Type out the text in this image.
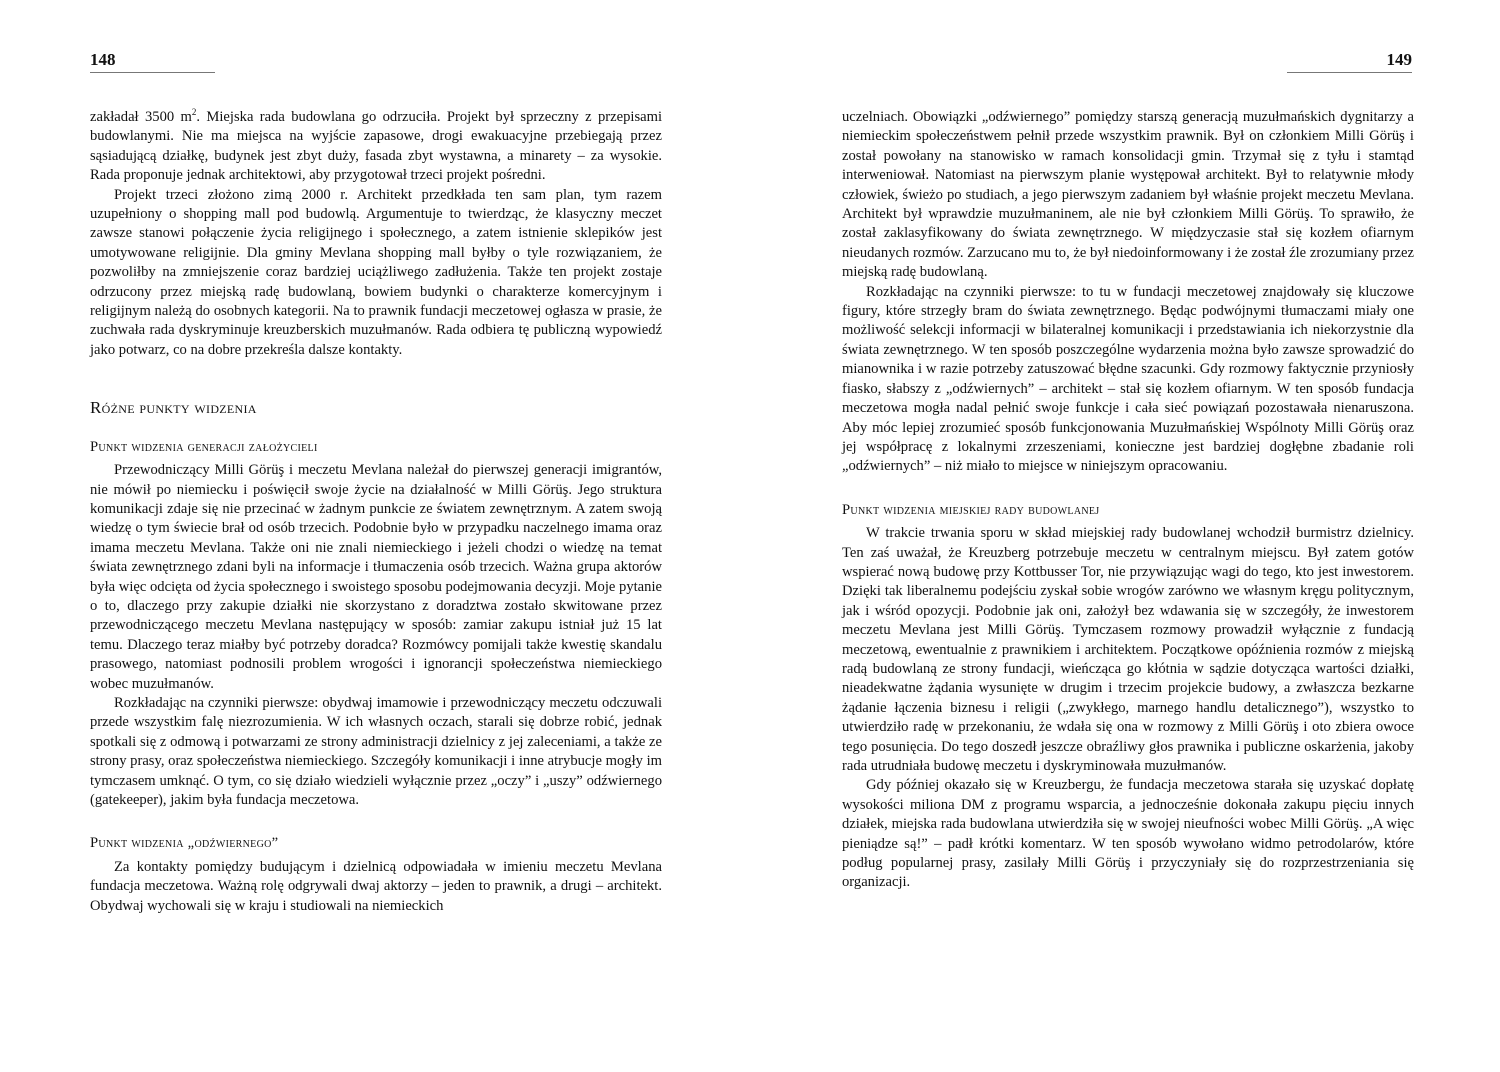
148

zakładał 3500 $m^2$. Miejska rada budowlana go odrzuciła. Projekt był sprzeczny z przepisami budowlanymi. Nie ma miejsca na wyjście zapasowe, drogi ewakuacyjne przebiegają przez sąsiadującą działkę, budynek jest zbyt duży, fasada zbyt wystawna, a minarety – za wysokie. Rada proponuje jednak architektowi, aby przygotował trzeci projekt pośredni.

Projekt trzeci złożono zimą 2000 r. Architekt przedkłada ten sam plan, tym razem uzupełniony o shopping mall pod budowlą. Argumentuje to twierdząc, że klasyczny meczet zawsze stanowi połączenie życia religijnego i społecznego, a zatem istnienie sklepików jest umotywowane religijnie. Dla gminy Mevlana shopping mall byłby o tyle rozwiązaniem, że pozwoliłby na zmniejszenie coraz bardziej uciążliwego zadłużenia. Także ten projekt zostaje odrzucony przez miejską radę budowlaną, bowiem budynki o charakterze komercyjnym i religijnym należą do osobnych kategorii. Na to prawnik fundacji meczetowej ogłasza w prasie, że zuchwała rada dyskryminuje kreuzberskich muzułmanów. Rada odbiera tę publiczną wypowiedź jako potwarz, co na dobre przekreśla dalsze kontakty.

Różne punkty widzenia
Punkt widzenia generacji założycieli

Przewodniczący Milli Görüş i meczetu Mevlana należał do pierwszej generacji imigrantów, nie mówił po niemiecku i poświęcił swoje życie na działalność w Milli Görüş. Jego struktura komunikacji zdaje się nie przecinać w żadnym punkcie ze światem zewnętrznym. A zatem swoją wiedzę o tym świecie brał od osób trzecich. Podobnie było w przypadku naczelnego imama oraz imama meczetu Mevlana. Także oni nie znali niemieckiego i jeżeli chodzi o wiedzę na temat świata zewnętrznego zdani byli na informacje i tłumaczenia osób trzecich. Ważna grupa aktorów była więc odcięta od życia społecznego i swoistego sposobu podejmowania decyzji. Moje pytanie o to, dlaczego przy zakupie działki nie skorzystano z doradztwa zostało skwitowane przez przewodniczącego meczetu Mevlana następujący w sposób: zamiar zakupu istniał już 15 lat temu. Dlaczego teraz miałby być potrzeby doradca? Rozmówcy pomijali także kwestię skandalu prasowego, natomiast podnosili problem wrogości i ignorancji społeczeństwa niemieckiego wobec muzułmanów.

Rozkładając na czynniki pierwsze: obydwaj imamowie i przewodniczący meczetu odczuwali przede wszystkim falę niezrozumienia. W ich własnych oczach, starali się dobrze robić, jednak spotkali się z odmową i potwarzami ze strony administracji dzielnicy z jej zaleceniami, a także ze strony prasy, oraz społeczeństwa niemieckiego. Szczegóły komunikacji i inne atrybucje mogły im tymczasem umknąć. O tym, co się działo wiedzieli wyłącznie przez „oczy” i „uszy” odźwiernego (gatekeeper), jakim była fundacja meczetowa.

Punkt widzenia „odźwiernego”

Za kontakty pomiędzy budującym i dzielnicą odpowiadała w imieniu meczetu Mevlana fundacja meczetowa. Ważną rolę odgrywali dwaj aktorzy – jeden to prawnik, a drugi – architekt. Obydwaj wychowali się w kraju i studiowali na niemieckich

149

uczelniach. Obowiązki „odźwiernego” pomiędzy starszą generacją muzułmańskich dygnitarzy a niemieckim społeczeństwem pełnił przede wszystkim prawnik. Był on członkiem Milli Görüş i został powołany na stanowisko w ramach konsolidacji gmin. Trzymał się z tyłu i stamtąd interweniował. Natomiast na pierwszym planie występował architekt. Był to relatywnie młody człowiek, świeżo po studiach, a jego pierwszym zadaniem był właśnie projekt meczetu Mevlana. Architekt był wprawdzie muzułmaninem, ale nie był członkiem Milli Görüş. To sprawiło, że został zaklasyfikowany do świata zewnętrznego. W międzyczasie stał się kozłem ofiarnym nieudanych rozmów. Zarzucano mu to, że był niedoinformowany i że został źle zrozumiany przez miejską radę budowlaną.

Rozkładając na czynniki pierwsze: to tu w fundacji meczetowej znajdowały się kluczowe figury, które strzegły bram do świata zewnętrznego. Będąc podwójnymi tłumaczami miały one możliwość selekcji informacji w bilateralnej komunikacji i przedstawiania ich niekorzystnie dla świata zewnętrznego. W ten sposób poszczególne wydarzenia można było zawsze sprowadzić do mianownika i w razie potrzeby zatuszować błędne szacunki. Gdy rozmowy faktycznie przyniosły fiasko, słabszy z „odźwiernych” – architekt – stał się kozłem ofiarnym. W ten sposób fundacja meczetowa mogła nadal pełnić swoje funkcje i cała sieć powiązań pozostawała nienaruszona. Aby móc lepiej zrozumieć sposób funkcjonowania Muzułmańskiej Wspólnoty Milli Görüş oraz jej współpracę z lokalnymi zrzeszeniami, konieczne jest bardziej dogłębne zbadanie roli „odźwiernych” – niż miało to miejsce w niniejszym opracowaniu.

Punkt widzenia miejskiej rady budowlanej

W trakcie trwania sporu w skład miejskiej rady budowlanej wchodził burmistrz dzielnicy. Ten zaś uważał, że Kreuzberg potrzebuje meczetu w centralnym miejscu. Był zatem gotów wspierać nową budowę przy Kottbusser Tor, nie przywiązując wagi do tego, kto jest inwestorem. Dzięki tak liberalnemu podejściu zyskał sobie wrogów zarówno we własnym kręgu politycznym, jak i wśród opozycji. Podobnie jak oni, założył bez wdawania się w szczegóły, że inwestorem meczetu Mevlana jest Milli Görüş. Tymczasem rozmowy prowadził wyłącznie z fundacją meczetową, ewentualnie z prawnikiem i architektem. Początkowe opóźnienia rozmów z miejską radą budowlaną ze strony fundacji, wieńcząca go kłótnia w sądzie dotycząca wartości działki, nieadekwatne żądania wysunięte w drugim i trzecim projekcie budowy, a zwłaszcza bezkarne żądanie łączenia biznesu i religii („zwykłego, marnego handlu detalicznego”), wszystko to utwierdziło radę w przekonaniu, że wdała się ona w rozmowy z Milli Görüş i oto zbiera owoce tego posunięcia. Do tego doszedł jeszcze obraźliwy głos prawnika i publiczne oskarżenia, jakoby rada utrudniała budowę meczetu i dyskryminowała muzułmanów.

Gdy później okazało się w Kreuzbergu, że fundacja meczetowa starała się uzyskać dopłatę wysokości miliona DM z programu wsparcia, a jednocześnie dokonała zakupu pięciu innych działek, miejska rada budowlana utwierdziła się w swojej nieufności wobec Milli Görüş. „A więc pieniądze są!” – padł krótki komentarz. W ten sposób wywołano widmo petrodolarów, które podług popularnej prasy, zasilały Milli Görüş i przyczyniały się do rozprzestrzeniania się organizacji.
